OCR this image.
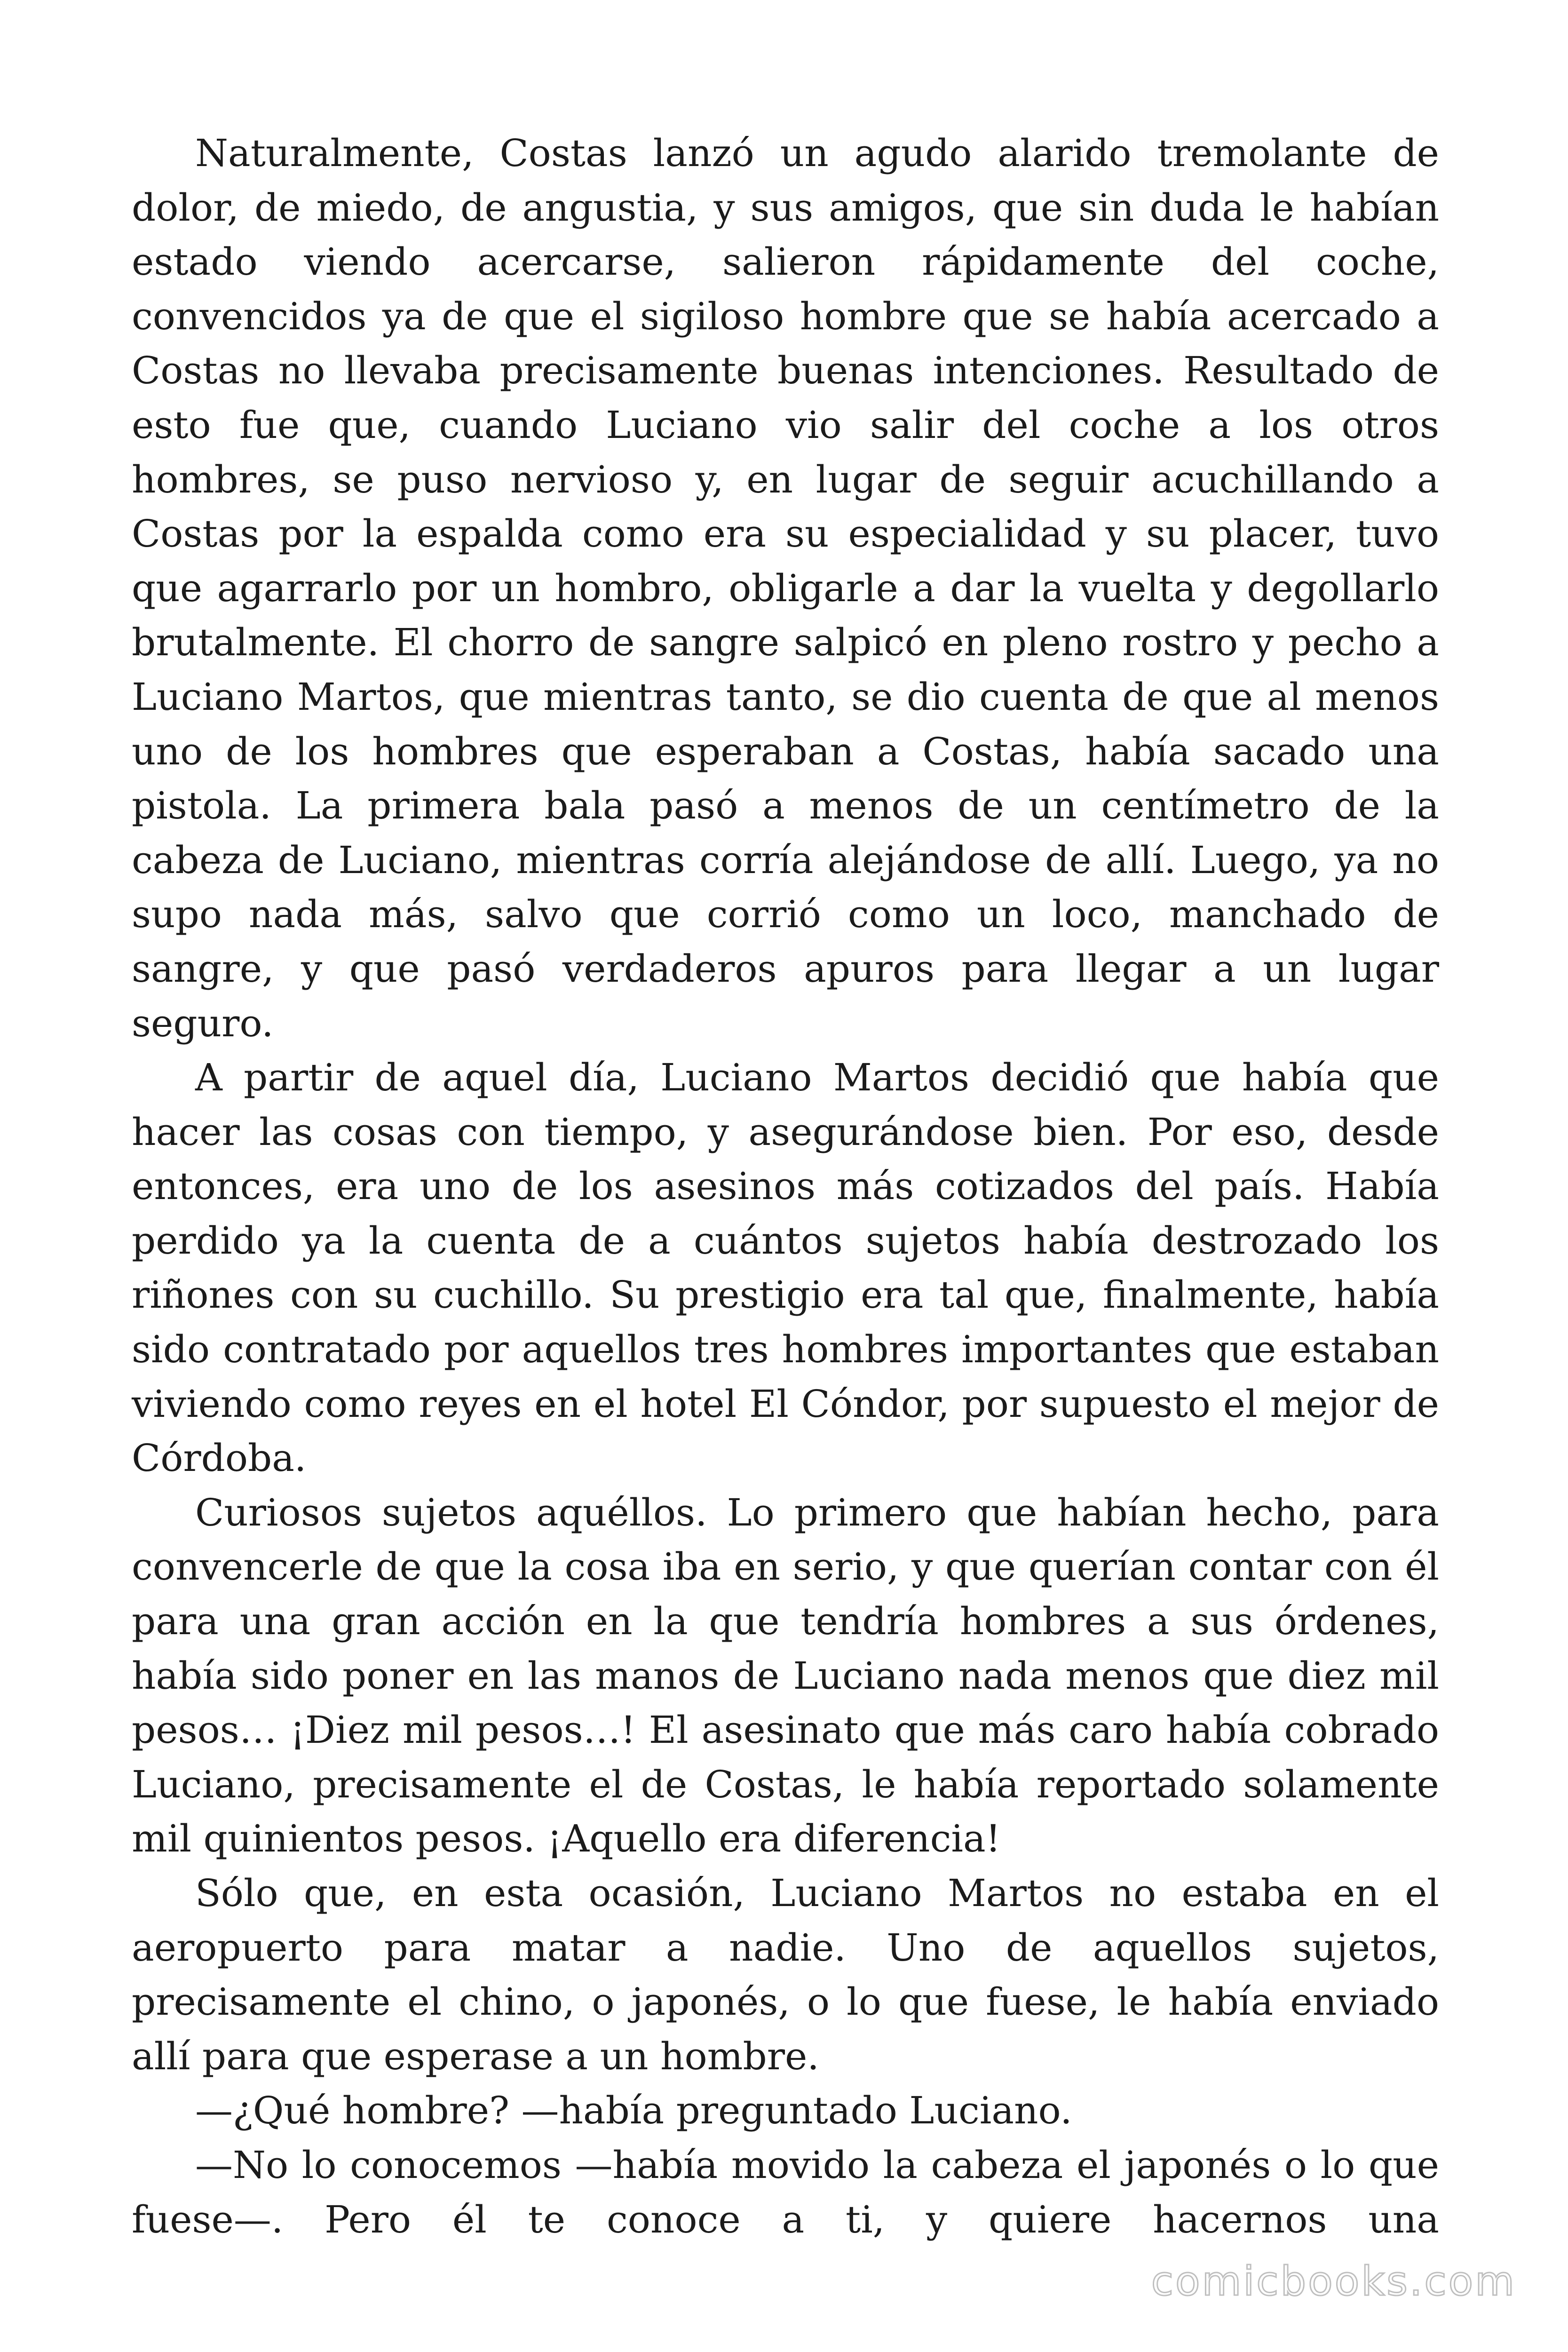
Naturalmente, Costas lanzó un agudo alarido tremolante de dolor, de miedo, de angustia, y sus amigos, que sin duda le habían estado viendo acercarse, salieron rápidamente del coche, convencidos ya de que el sigiloso hombre que se había acercado a Costas no llevaba precisamente buenas intenciones. Resultado de esto fue que, cuando Luciano vio salir del coche a los otros hombres, se puso nervioso y, en lugar de seguir acuchillando a Costas por la espalda como era su especialidad y su placer, tuvo que agarrarlo por un hombro, obligarle a dar la vuelta y degollarlo brutalmente. El chorro de sangre salpicó en pleno rostro y pecho a Luciano Martos, que mientras tanto, se dio cuenta de que al menos uno de los hombres que esperaban a Costas, había sacado una pistola. La primera bala pasó a menos de un centímetro de la cabeza de Luciano, mientras corría alejándose de allí. Luego, ya no supo nada más, salvo que corrió como un loco, manchado de sangre, y que pasó verdaderos apuros para llegar a un lugar seguro.

A partir de aquel día, Luciano Martos decidió que había que hacer las cosas con tiempo, y asegurándose bien. Por eso, desde entonces, era uno de los asesinos más cotizados del país. Había perdido ya la cuenta de a cuántos sujetos había destrozado los riñones con su cuchillo. Su prestigio era tal que, finalmente, había sido contratado por aquellos tres hombres importantes que estaban viviendo como reyes en el hotel El Cóndor, por supuesto el mejor de Córdoba.

Curiosos sujetos aquéllos. Lo primero que habían hecho, para convencerle de que la cosa iba en serio, y que querían contar con él para una gran acción en la que tendría hombres a sus órdenes, había sido poner en las manos de Luciano nada menos que diez mil pesos… ¡Diez mil pesos…! El asesinato que más caro había cobrado Luciano, precisamente el de Costas, le había reportado solamente mil quinientos pesos. ¡Aquello era diferencia!

Sólo que, en esta ocasión, Luciano Martos no estaba en el aeropuerto para matar a nadie. Uno de aquellos sujetos, precisamente el chino, o japonés, o lo que fuese, le había enviado allí para que esperase a un hombre.

—¿Qué hombre? —había preguntado Luciano.

—No lo conocemos —había movido la cabeza el japonés o lo que fuese—. Pero él te conoce a ti, y quiere hacernos una

comicbooks.com
